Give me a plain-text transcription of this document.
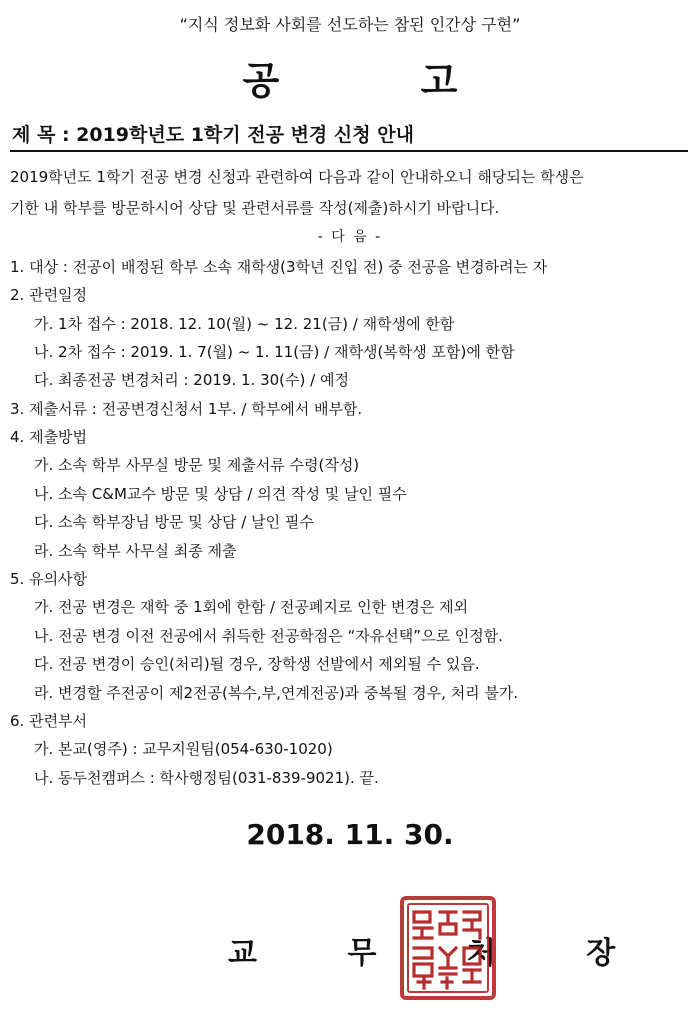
“지식 정보화 사회를 선도하는 참된 인간상 구현”
공 고
제 목 : 2019학년도 1학기 전공 변경 신청 안내
2019학년도 1학기 전공 변경 신청과 관련하여 다음과 같이 안내하오니 해당되는 학생은
기한 내 학부를 방문하시어 상담 및 관련서류를 작성(제출)하시기 바랍니다.
- 다 음 -
1. 대상 : 전공이 배정된 학부 소속 재학생(3학년 진입 전) 중 전공을 변경하려는 자
2. 관련일정
가. 1차 접수 : 2018. 12. 10(월) ~ 12. 21(금) / 재학생에 한함
나. 2차 접수 : 2019. 1. 7(월) ~ 1. 11(금) / 재학생(복학생 포함)에 한함
다. 최종전공 변경처리 : 2019. 1. 30(수) / 예정
3. 제출서류 : 전공변경신청서 1부. / 학부에서 배부함.
4. 제출방법
가. 소속 학부 사무실 방문 및 제출서류 수령(작성)
나. 소속 C&M교수 방문 및 상담 / 의견 작성 및 날인 필수
다. 소속 학부장님 방문 및 상담 / 날인 필수
라. 소속 학부 사무실 최종 제출
5. 유의사항
가. 전공 변경은 재학 중 1회에 한함 / 전공폐지로 인한 변경은 제외
나. 전공 변경 이전 전공에서 취득한 전공학점은 “자유선택”으로 인정함.
다. 전공 변경이 승인(처리)될 경우, 장학생 선발에서 제외될 수 있음.
라. 변경할 주전공이 제2전공(복수,부,연계전공)과 중복될 경우, 처리 불가.
6. 관련부서
가. 본교(영주) : 교무지원팀(054-630-1020)
나. 동두천캠퍼스 : 학사행정팀(031-839-9021). 끝.
2018. 11. 30.
교 무 처 장
